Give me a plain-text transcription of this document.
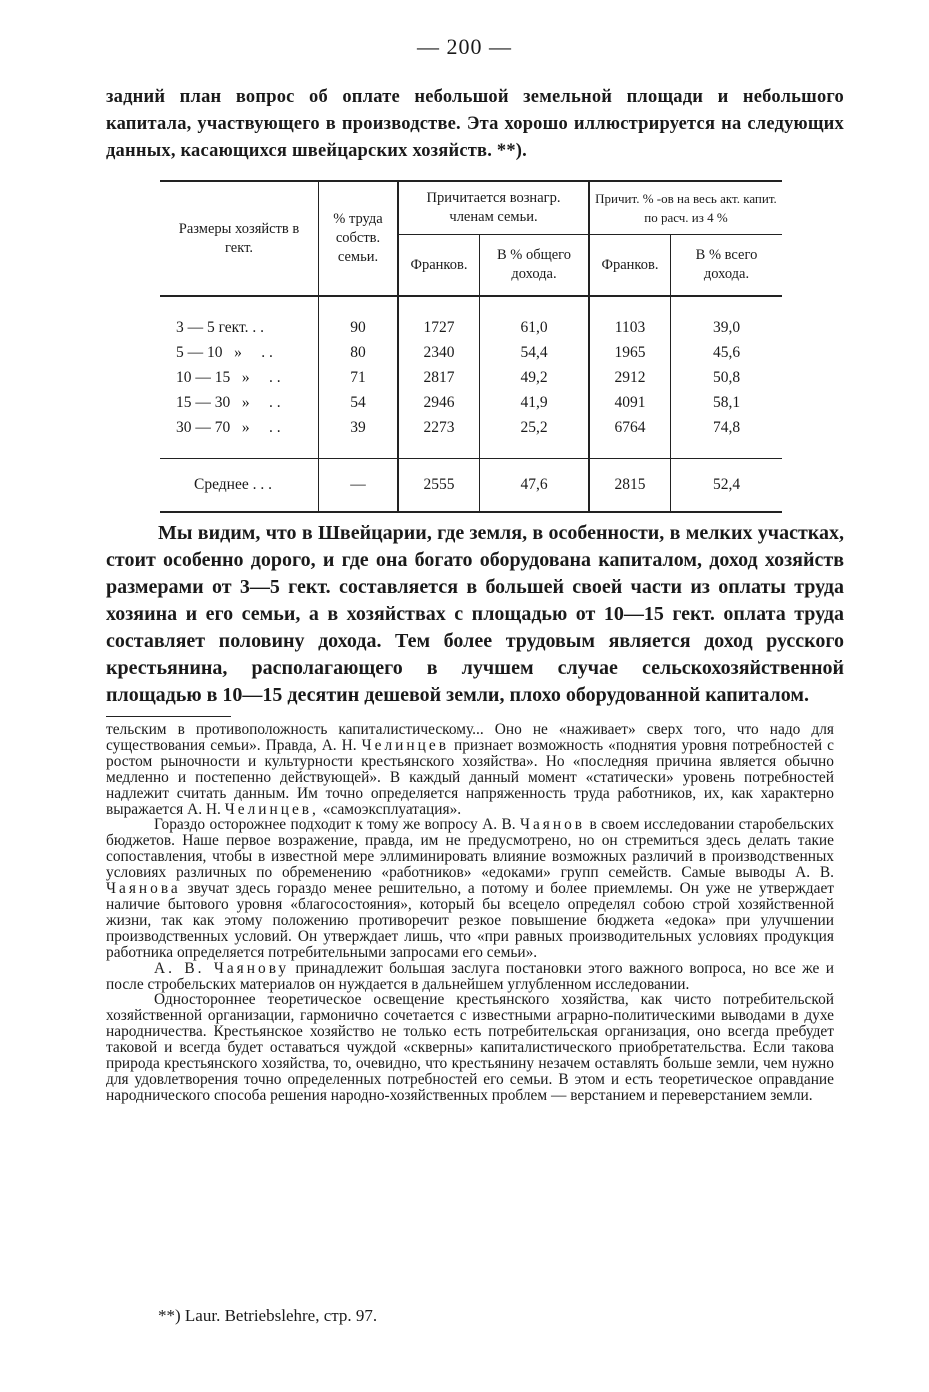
— 200 —

задний план вопрос об оплате небольшой земельной площади и небольшого капитала, участвующего в производстве. Эта хорошо иллюстрируется на следующих данных, касающихся швейцарских хозяйств. **).

Размеры хозяйств в гект.	% труда собств. семьи.	Причитается вознагр. членам семьи.		Причит. % -ов на весь акт. капит. по расч. из 4 %	
		Франков.	В % общего дохода.	Франков.	В % всего дохода.

3 — 5 гект. . .	90	1727	61,0	1103	39,0
5 — 10   »     . .	80	2340	54,4	1965	45,6
10 — 15   »     . .	71	2817	49,2	2912	50,8
15 — 30   »     . .	54	2946	41,9	4091	58,1
30 — 70   »     . .	39	2273	25,2	6764	74,8

Среднее . . .	—	2555	47,6	2815	52,4

Мы видим, что в Швейцарии, где земля, в особенности, в мелких участках, стоит особенно дорого, и где она богато оборудована капиталом, доход хозяйств размерами от 3—5 гект. составляется в большей своей части из оплаты труда хозяина и его семьи, а в хозяйствах с площадью от 10—15 гект. оплата труда составляет половину дохода. Тем более трудовым является доход русского крестьянина, располагающего в лучшем случае сельскохозяйственной площадью в 10—15 десятин дешевой земли, плохо оборудованной капиталом.

тельским в противоположность капиталистическому... Оно не «наживает» сверх того, что надо для существования семьи». Правда, А. Н. Челинцев признает возможность «поднятия уровня потребностей с ростом рыночности и культурности крестьянского хозяйства». Но «последняя причина является обычно медленно и постепенно действующей». В каждый данный момент «статически» уровень потребностей надлежит считать данным. Им точно определяется напряженность труда работников, их, как характерно выражается А. Н. Челинцев, «самоэксплуатация».

Гораздо осторожнее подходит к тому же вопросу А. В. Чаянов в своем исследовании старобельских бюджетов. Наше первое возражение, правда, им не предусмотрено, но он стремиться здесь делать такие сопоставления, чтобы в известной мере эллиминировать влияние возможных различий в производственных условиях различных по обременению «работников» «едоками» групп семейств. Самые выводы А. В. Чаянова звучат здесь гораздо менее решительно, а потому и более приемлемы. Он уже не утверждает наличие бытового уровня «благосостояния», который бы всецело определял собою строй хозяйственной жизни, так как этому положению противоречит резкое повышение бюджета «едока» при улучшении производственных условий. Он утверждает лишь, что «при равных производительных условиях продукция работника определяется потребительными запросами его семьи».

А. В. Чаянову принадлежит большая заслуга постановки этого важного вопроса, но все же и после стробельских материалов он нуждается в дальнейшем углубленном исследовании.

Одностороннее теоретическое освещение крестьянского хозяйства, как чисто потребительской хозяйственной организации, гармонично сочетается с известными аграрно-политическими выводами в духе народничества. Крестьянское хозяйство не только есть потребительская организация, оно всегда пребудет таковой и всегда будет оставаться чуждой «скверны» капиталистического приобретательства. Если такова природа крестьянского хозяйства, то, очевидно, что крестьянину незачем оставлять больше земли, чем нужно для удовлетворения точно определенных потребностей его семьи. В этом и есть теоретическое оправдание народнического способа решения народно-хозяйственных проблем — верстанием и переверстанием земли.

**) Laur. Betriebslehre, стр. 97.
